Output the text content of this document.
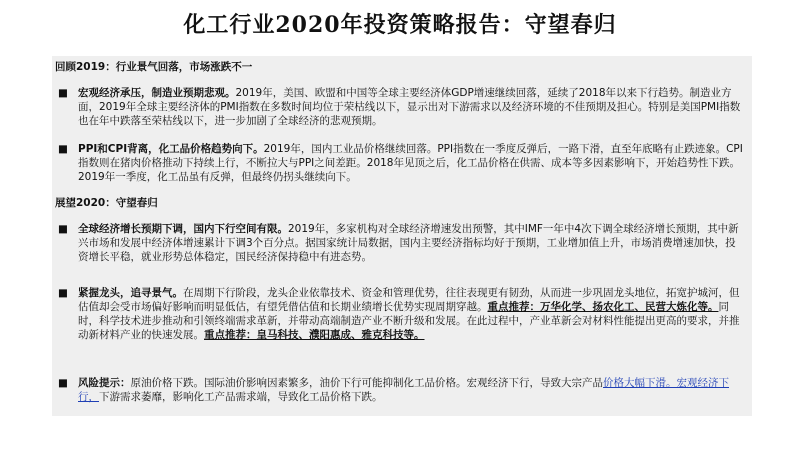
化工行业2020年投资策略报告：守望春归
回顾2019：行业景气回落，市场涨跌不一
■ 宏观经济承压，制造业预期悲观。2019年，美国、欧盟和中国等全球主要经济体GDP增速继续回落，延续了2018年以来下行趋势。制造业方面，2019年全球主要经济体的PMI指数在多数时间均位于荣枯线以下，显示出对下游需求以及经济环境的不佳预期及担心。特别是美国PMI指数也在年中跌落至荣枯线以下，进一步加剧了全球经济的悲观预期。
■ PPI和CPI背离，化工品价格趋势向下。2019年，国内工业品价格继续回落。PPI指数在一季度反弹后，一路下滑，直至年底略有止跌迹象。CPI指数则在猪肉价格推动下持续上行，不断拉大与PPI之间差距。2018年见顶之后，化工品价格在供需、成本等多因素影响下，开始趋势性下跌。2019年一季度，化工品虽有反弹，但最终仍拐头继续向下。
展望2020：守望春归
■ 全球经济增长预期下调，国内下行空间有限。2019年，多家机构对全球经济增速发出预警，其中IMF一年中4次下调全球经济增长预期，其中新兴市场和发展中经济体增速累计下调3个百分点。据国家统计局数据，国内主要经济指标均好于预期，工业增加值上升，市场消费增速加快，投资增长平稳，就业形势总体稳定，国民经济保持稳中有进态势。
■ 紧握龙头，追寻景气。在周期下行阶段，龙头企业依靠技术、资金和管理优势，往往表现更有韧劲，从而进一步巩固龙头地位，拓宽护城河，但估值却会受市场偏好影响而明显低估，有望凭借估值和长期业绩增长优势实现周期穿越。重点推荐：万华化学、扬农化工、民营大炼化等。同时，科学技术进步推动和引领终端需求革新，并带动高端制造产业不断升级和发展。在此过程中，产业革新会对材料性能提出更高的要求，并推动新材料产业的快速发展。重点推荐：皇马科技、濮阳惠成、雅克科技等。
■ 风险提示：原油价格下跌。国际油价影响因素繁多，油价下行可能抑制化工品价格。宏观经济下行，导致大宗产品价格大幅下滑。宏观经济下行，下游需求萎靡，影响化工产品需求端，导致化工品价格下跌。
